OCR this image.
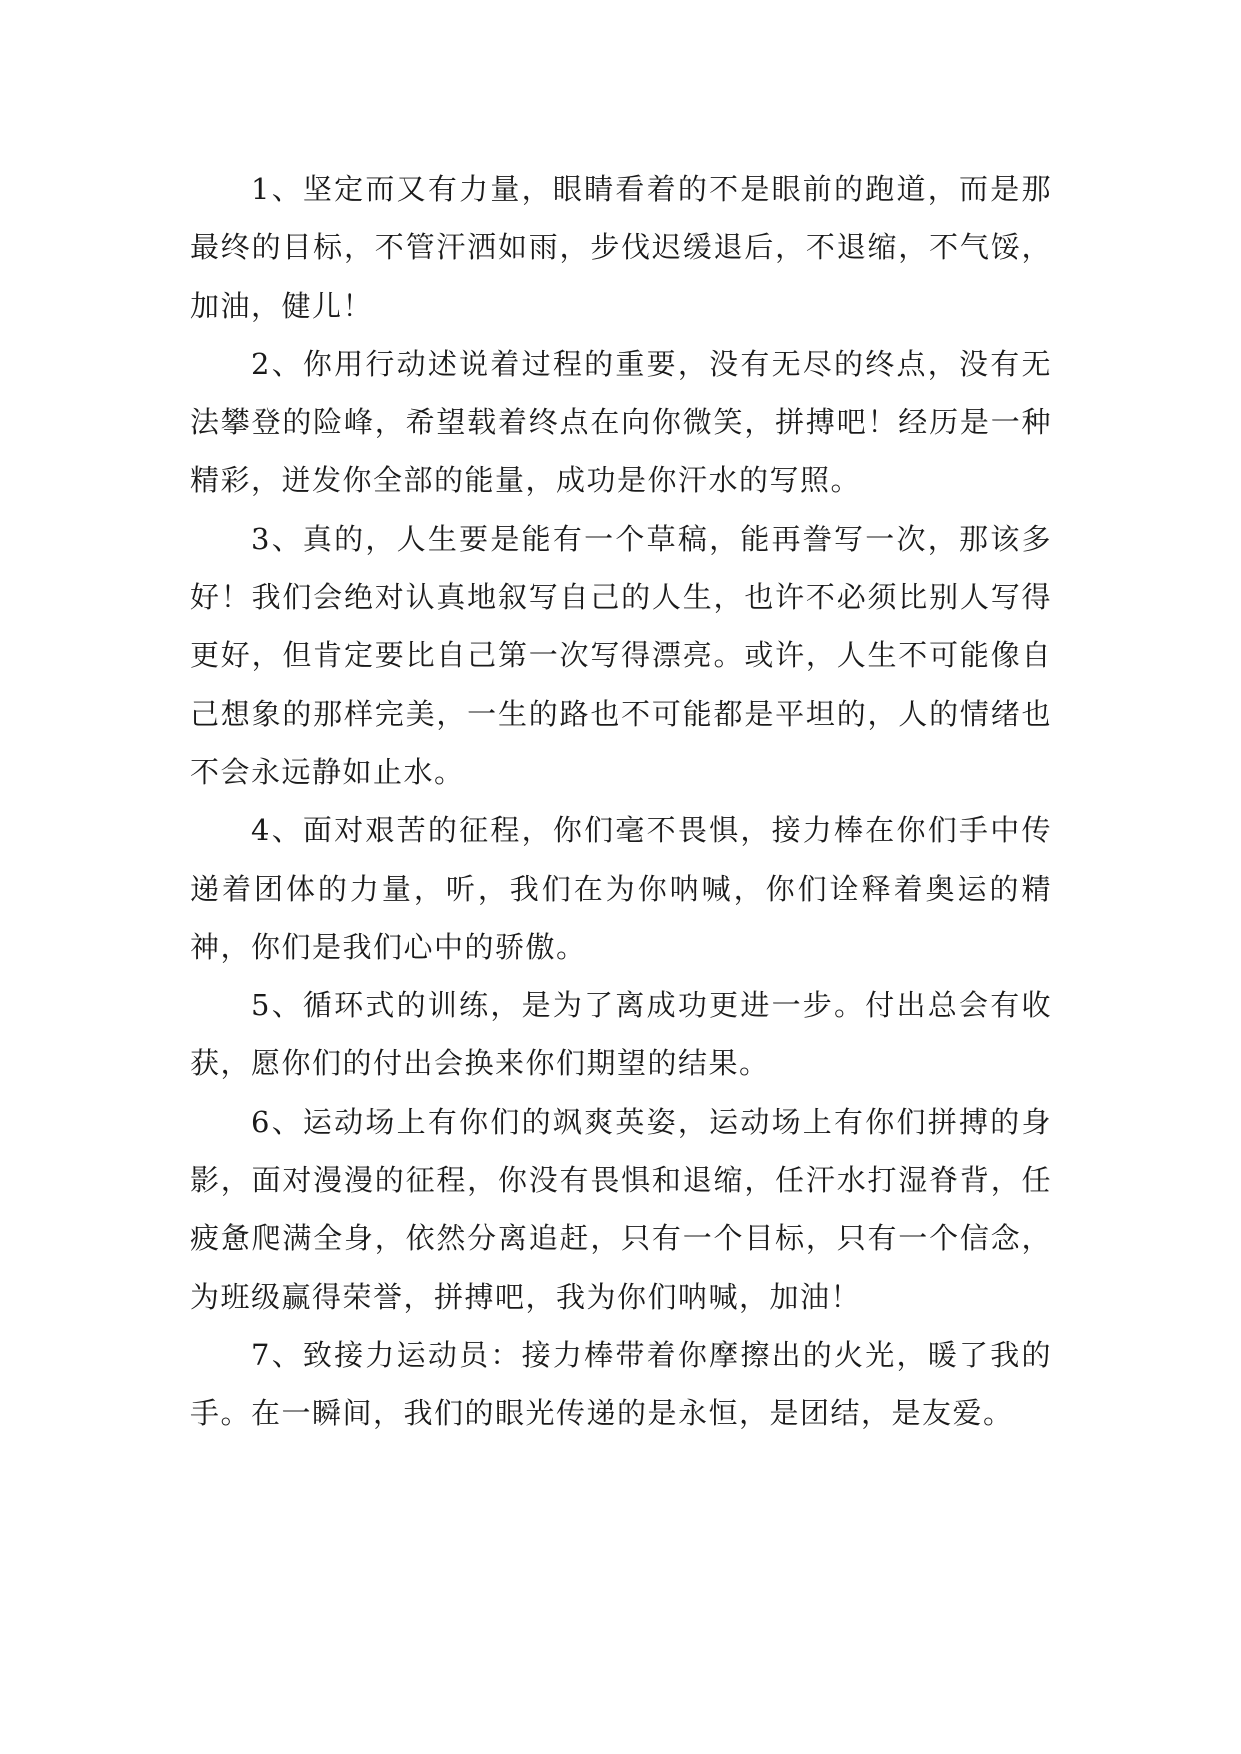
1、坚定而又有力量，眼睛看着的不是眼前的跑道，而是那最终的目标，不管汗洒如雨，步伐迟缓退后，不退缩，不气馁，加油，健儿！

2、你用行动述说着过程的重要，没有无尽的终点，没有无法攀登的险峰，希望载着终点在向你微笑，拼搏吧！经历是一种精彩，迸发你全部的能量，成功是你汗水的写照。

3、真的，人生要是能有一个草稿，能再誊写一次，那该多好！我们会绝对认真地叙写自己的人生，也许不必须比别人写得更好，但肯定要比自己第一次写得漂亮。或许，人生不可能像自己想象的那样完美，一生的路也不可能都是平坦的，人的情绪也不会永远静如止水。

4、面对艰苦的征程，你们毫不畏惧，接力棒在你们手中传递着团体的力量，听，我们在为你呐喊，你们诠释着奥运的精神，你们是我们心中的骄傲。

5、循环式的训练，是为了离成功更进一步。付出总会有收获，愿你们的付出会换来你们期望的结果。

6、运动场上有你们的飒爽英姿，运动场上有你们拼搏的身影，面对漫漫的征程，你没有畏惧和退缩，任汗水打湿脊背，任疲惫爬满全身，依然分离追赶，只有一个目标，只有一个信念，为班级赢得荣誉，拼搏吧，我为你们呐喊，加油！

7、致接力运动员：接力棒带着你摩擦出的火光，暖了我的手。在一瞬间，我们的眼光传递的是永恒，是团结，是友爱。
